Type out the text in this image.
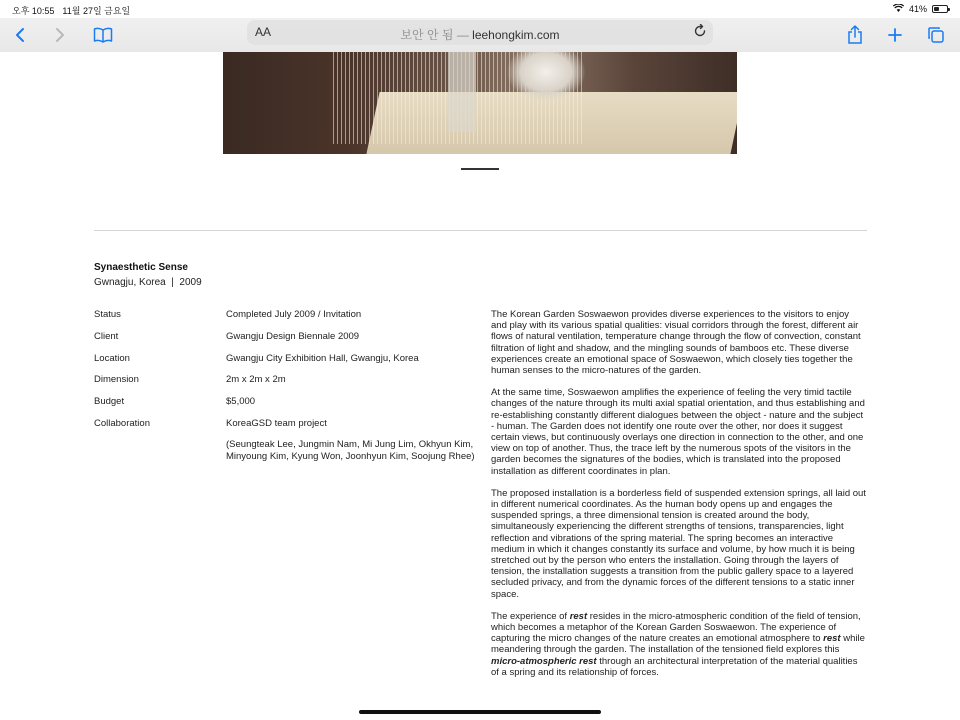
오후 10:55 11월 27일 금요일	41%
AA	보안 안 됨 — leehongkim.com
Synaesthetic Sense
Gwnagju, Korea  |  2009
Status	Completed July 2009 / Invitation
Client	Gwangju Design Biennale 2009
Location	Gwangju City Exhibition Hall, Gwangju, Korea
Dimension	2m x 2m x 2m
Budget	$5,000
Collaboration	KoreaGSD team project
(Seungteak Lee, Jungmin Nam, Mi Jung Lim, Okhyun Kim, Minyoung Kim, Kyung Won, Joonhyun Kim, Soojung Rhee)

The Korean Garden Soswaewon provides diverse experiences to the visitors to enjoy and play with its various spatial qualities: visual corridors through the forest, different air flows of natural ventilation, temperature change through the flow of convection, constant filtration of light and shadow, and the mingling sounds of bamboos etc. These diverse experiences create an emotional space of Soswaewon, which closely ties together the human senses to the micro-natures of the garden.

At the same time, Soswaewon amplifies the experience of feeling the very timid tactile changes of the nature through its multi axial spatial orientation, and thus establishing and re-establishing constantly different dialogues between the object - nature and the subject - human. The Garden does not identify one route over the other, nor does it suggest certain views, but continuously overlays one direction in connection to the other, and one view on top of another. Thus, the trace left by the numerous spots of the visitors in the garden becomes the signatures of the bodies, which is translated into the proposed installation as different coordinates in plan.

The proposed installation is a borderless field of suspended extension springs, all laid out in different numerical coordinates. As the human body opens up and engages the suspended springs, a three dimensional tension is created around the body, simultaneously experiencing the different strengths of tensions, transparencies, light reflection and vibrations of the spring material. The spring becomes an interactive medium in which it changes constantly its surface and volume, by how much it is being stretched out by the person who enters the installation. Going through the layers of tension, the installation suggests a transition from the public gallery space to a layered secluded privacy, and from the dynamic forces of the different tensions to a static inner space.

The experience of rest resides in the micro-atmospheric condition of the field of tension, which becomes a metaphor of the Korean Garden Soswaewon. The experience of capturing the micro changes of the nature creates an emotional atmosphere to rest while meandering through the garden. The installation of the tensioned field explores this micro-atmospheric rest through an architectural interpretation of the material qualities of a spring and its relationship of forces.
